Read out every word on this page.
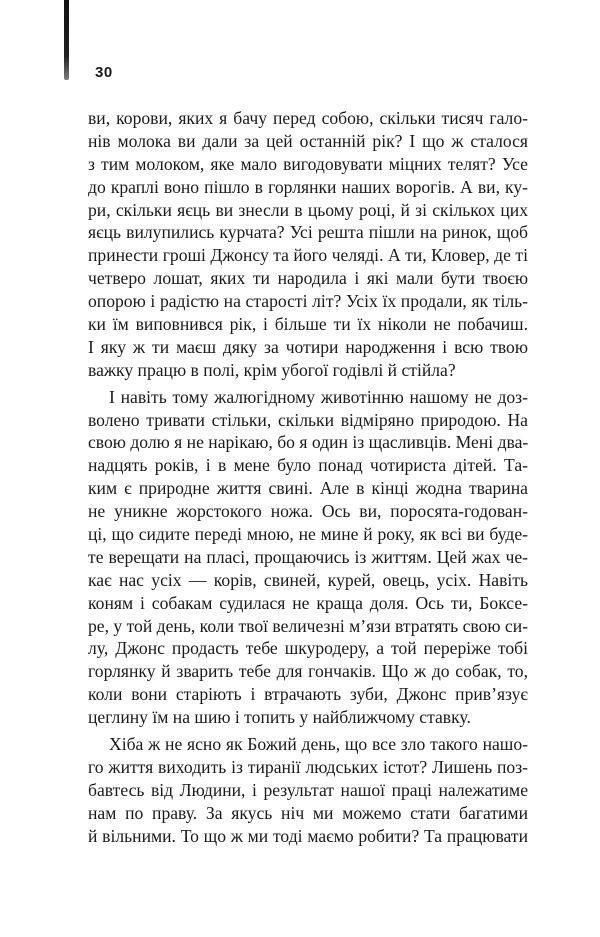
30
ви, корови, яких я бачу перед собою, скільки тисяч гало-
нів молока ви дали за цей останній рік? І що ж сталося
з тим молоком, яке мало вигодовувати міцних телят? Усе
до краплі воно пішло в горлянки наших ворогів. А ви, ку-
ри, скільки яєць ви знесли в цьому році, й зі скількох цих
яєць вилупились курчата? Усі решта пішли на ринок, щоб
принести гроші Джонсу та його челяді. А ти, Кловер, де ті
четверо лошат, яких ти народила і які мали бути твоєю
опорою і радістю на старості літ? Усіх їх продали, як тіль-
ки їм виповнився рік, і більше ти їх ніколи не побачиш.
І яку ж ти маєш дяку за чотири народження і всю твою
важку працю в полі, крім убогої годівлі й стійла?
І навіть тому жалюгідному животінню нашому не доз-
волено тривати стільки, скільки відміряно природою. На
свою долю я не нарікаю, бо я один із щасливців. Мені два-
надцять років, і в мене було понад чотириста дітей. Та-
ким є природне життя свині. Але в кінці жодна тварина
не уникне жорстокого ножа. Ось ви, поросята-годован-
ці, що сидите переді мною, не мине й року, як всі ви буде-
те верещати на пласі, прощаючись із життям. Цей жах че-
кає нас усіх — корів, свиней, курей, овець, усіх. Навіть
коням і собакам судилася не краща доля. Ось ти, Боксе-
ре, у той день, коли твої величезні м’язи втратять свою си-
лу, Джонс продасть тебе шкуродеру, а той переріже тобі
горлянку й зварить тебе для гончаків. Що ж до собак, то,
коли вони старіють і втрачають зуби, Джонс прив’язує
цеглину їм на шию і топить у найближчому ставку.
Хіба ж не ясно як Божий день, що все зло такого нашо-
го життя виходить із тиранії людських істот? Лишень поз-
бавтесь від Людини, і результат нашої праці належатиме
нам по праву. За якусь ніч ми можемо стати багатими
й вільними. То що ж ми тоді маємо робити? Та працювати
